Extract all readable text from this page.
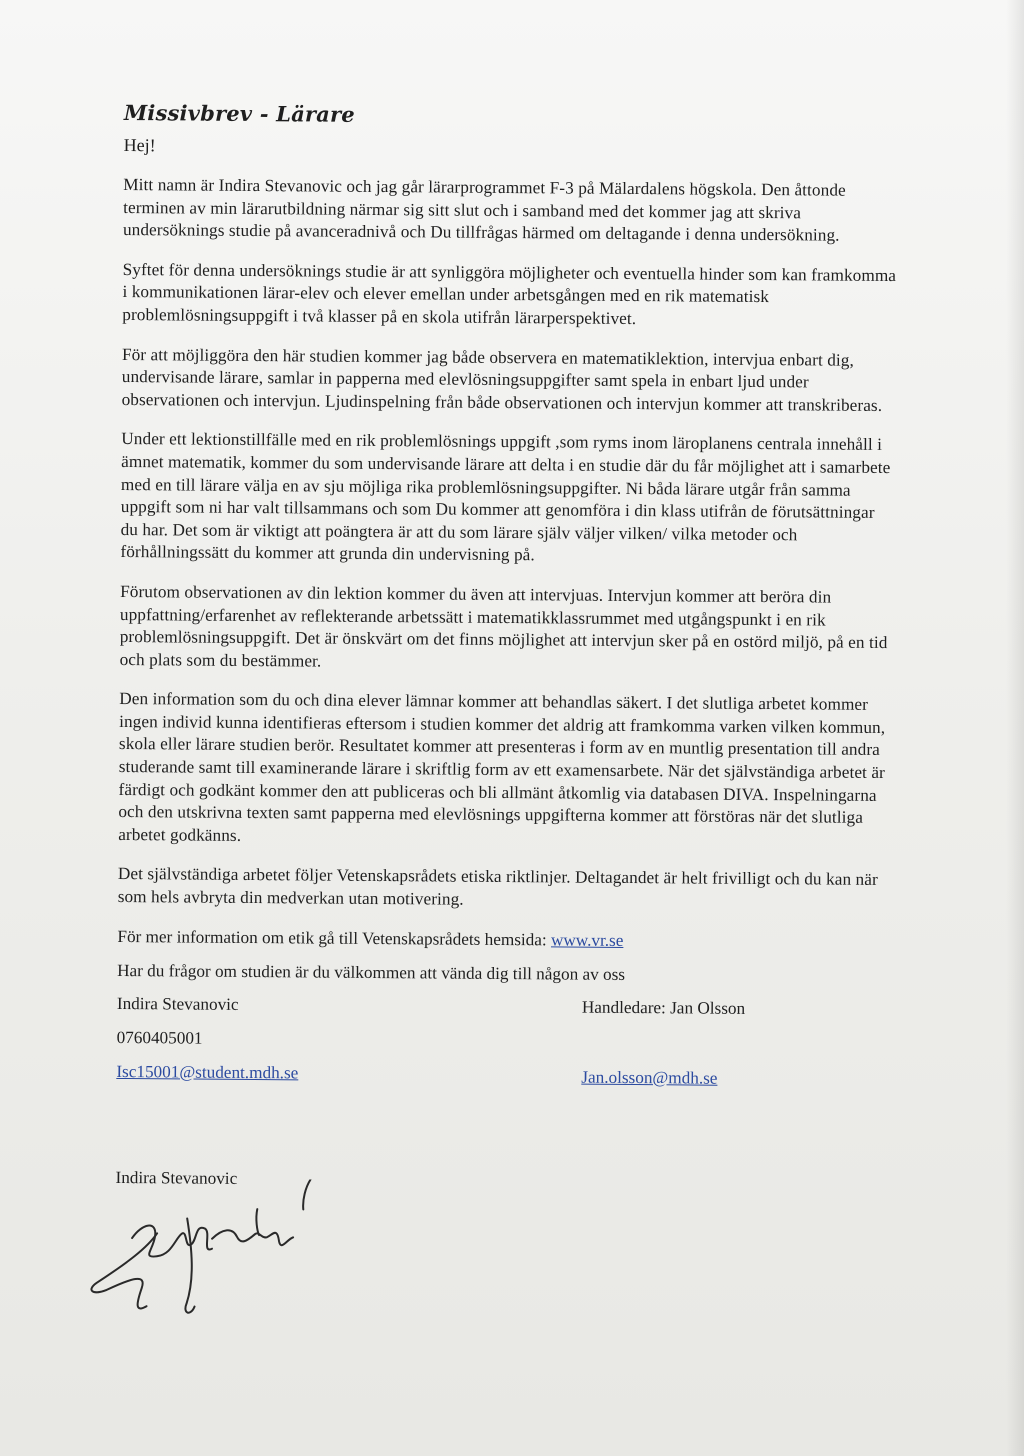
Missivbrev - Lärare
Hej!

Mitt namn är Indira Stevanovic och jag går lärarprogrammet F-3 på Mälardalens högskola. Den åttonde terminen av min lärarutbildning närmar sig sitt slut och i samband med det kommer jag att skriva undersöknings studie på avanceradnivå och Du tillfrågas härmed om deltagande i denna undersökning.

Syftet för denna undersöknings studie är att synliggöra möjligheter och eventuella hinder som kan framkomma i kommunikationen lärar-elev och elever emellan under arbetsgången med en rik matematisk problemlösningsuppgift i två klasser på en skola utifrån lärarperspektivet.

För att möjliggöra den här studien kommer jag både observera en matematiklektion, intervjua enbart dig, undervisande lärare, samlar in papperna med elevlösningsuppgifter samt spela in enbart ljud under observationen och intervjun. Ljudinspelning från både observationen och intervjun kommer att transkriberas.

Under ett lektionstillfälle med en rik problemlösnings uppgift ,som ryms inom läroplanens centrala innehåll i ämnet matematik, kommer du som undervisande lärare att delta i en studie där du får möjlighet att i samarbete med en till lärare välja en av sju möjliga rika problemlösningsuppgifter. Ni båda lärare utgår från samma uppgift som ni har valt tillsammans och som Du kommer att genomföra i din klass utifrån de förutsättningar du har. Det som är viktigt att poängtera är att du som lärare själv väljer vilken/ vilka metoder och förhållningssätt du kommer att grunda din undervisning på.

Förutom observationen av din lektion kommer du även att intervjuas. Intervjun kommer att beröra din uppfattning/erfarenhet av reflekterande arbetssätt i matematikklassrummet med utgångspunkt i en rik problemlösningsuppgift. Det är önskvärt om det finns möjlighet att intervjun sker på en ostörd miljö, på en tid och plats som du bestämmer.

Den information som du och dina elever lämnar kommer att behandlas säkert. I det slutliga arbetet kommer ingen individ kunna identifieras eftersom i studien kommer det aldrig att framkomma varken vilken kommun, skola eller lärare studien berör. Resultatet kommer att presenteras i form av en muntlig presentation till andra studerande samt till examinerande lärare i skriftlig form av ett examensarbete. När det självständiga arbetet är färdigt och godkänt kommer den att publiceras och bli allmänt åtkomlig via databasen DIVA. Inspelningarna och den utskrivna texten samt papperna med elevlösnings uppgifterna kommer att förstöras när det slutliga arbetet godkänns.

Det självständiga arbetet följer Vetenskapsrådets etiska riktlinjer. Deltagandet är helt frivilligt och du kan när som hels avbryta din medverkan utan motivering.

För mer information om etik gå till Vetenskapsrådets hemsida: www.vr.se
Har du frågor om studien är du välkommen att vända dig till någon av oss
Indira Stevanovic
0760405001
Isc15001@student.mdh.se
Handledare: Jan Olsson
Jan.olsson@mdh.se
Indira Stevanovic
